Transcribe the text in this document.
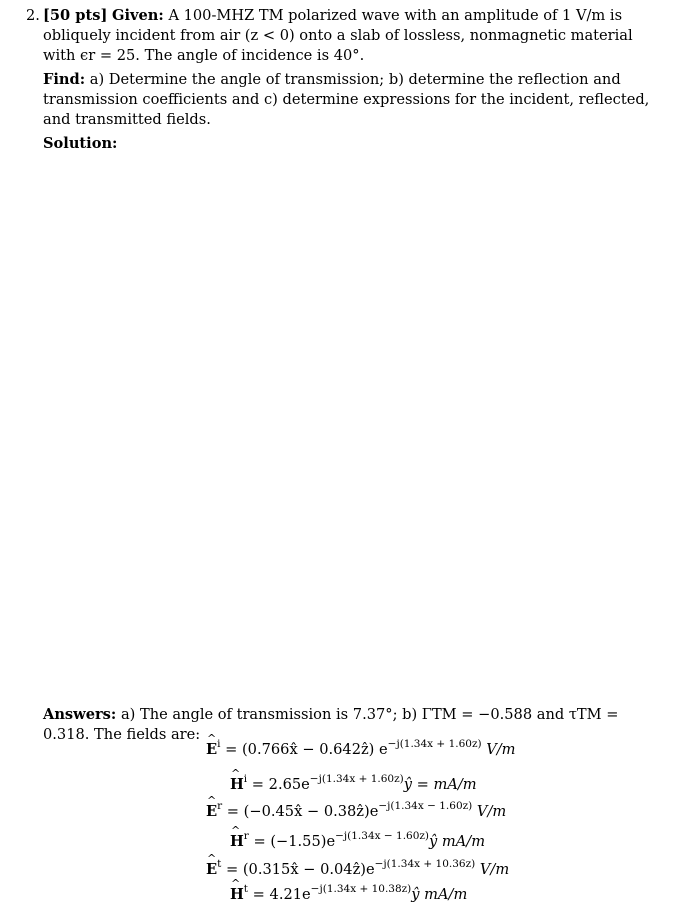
2. [50 pts] Given: A 100-MHZ TM polarized wave with an amplitude of 1 V/m is obliquely incident from air (z < 0) onto a slab of lossless, nonmagnetic material with ϵr = 25. The angle of incidence is 40°.
Find: a) Determine the angle of transmission; b) determine the reflection and transmission coefficients and c) determine expressions for the incident, reflected, and transmitted fields.
Solution:
Answers: a) The angle of transmission is 7.37°; b) ΓTM = −0.588 and τTM = 0.318. The fields are:
^ $E^i$ = (0.766x̂ − 0.642ẑ) $e^{-j(1.34x + 1.60z)}$ V/m
^ $H^i$ = $2.65e^{-j(1.34x + 1.60z)}ŷ = mA/m$
^ $E^r$ = (−0.45x̂ − $0.38ẑ)e^{-j(1.34x - 1.60z)}$ V/m
^ $H^r$ = $(-1.55)e^{-j(1.34x - 1.60z)}ŷ$ mA/m
^ $E^t$ = (0.315x̂ − $0.04ẑ)e^{-j(1.34x + 10.36z)}$ V/m
^ $H^t$ = $4.21e^{-j(1.34x + 10.38z)}ŷ$ mA/m
